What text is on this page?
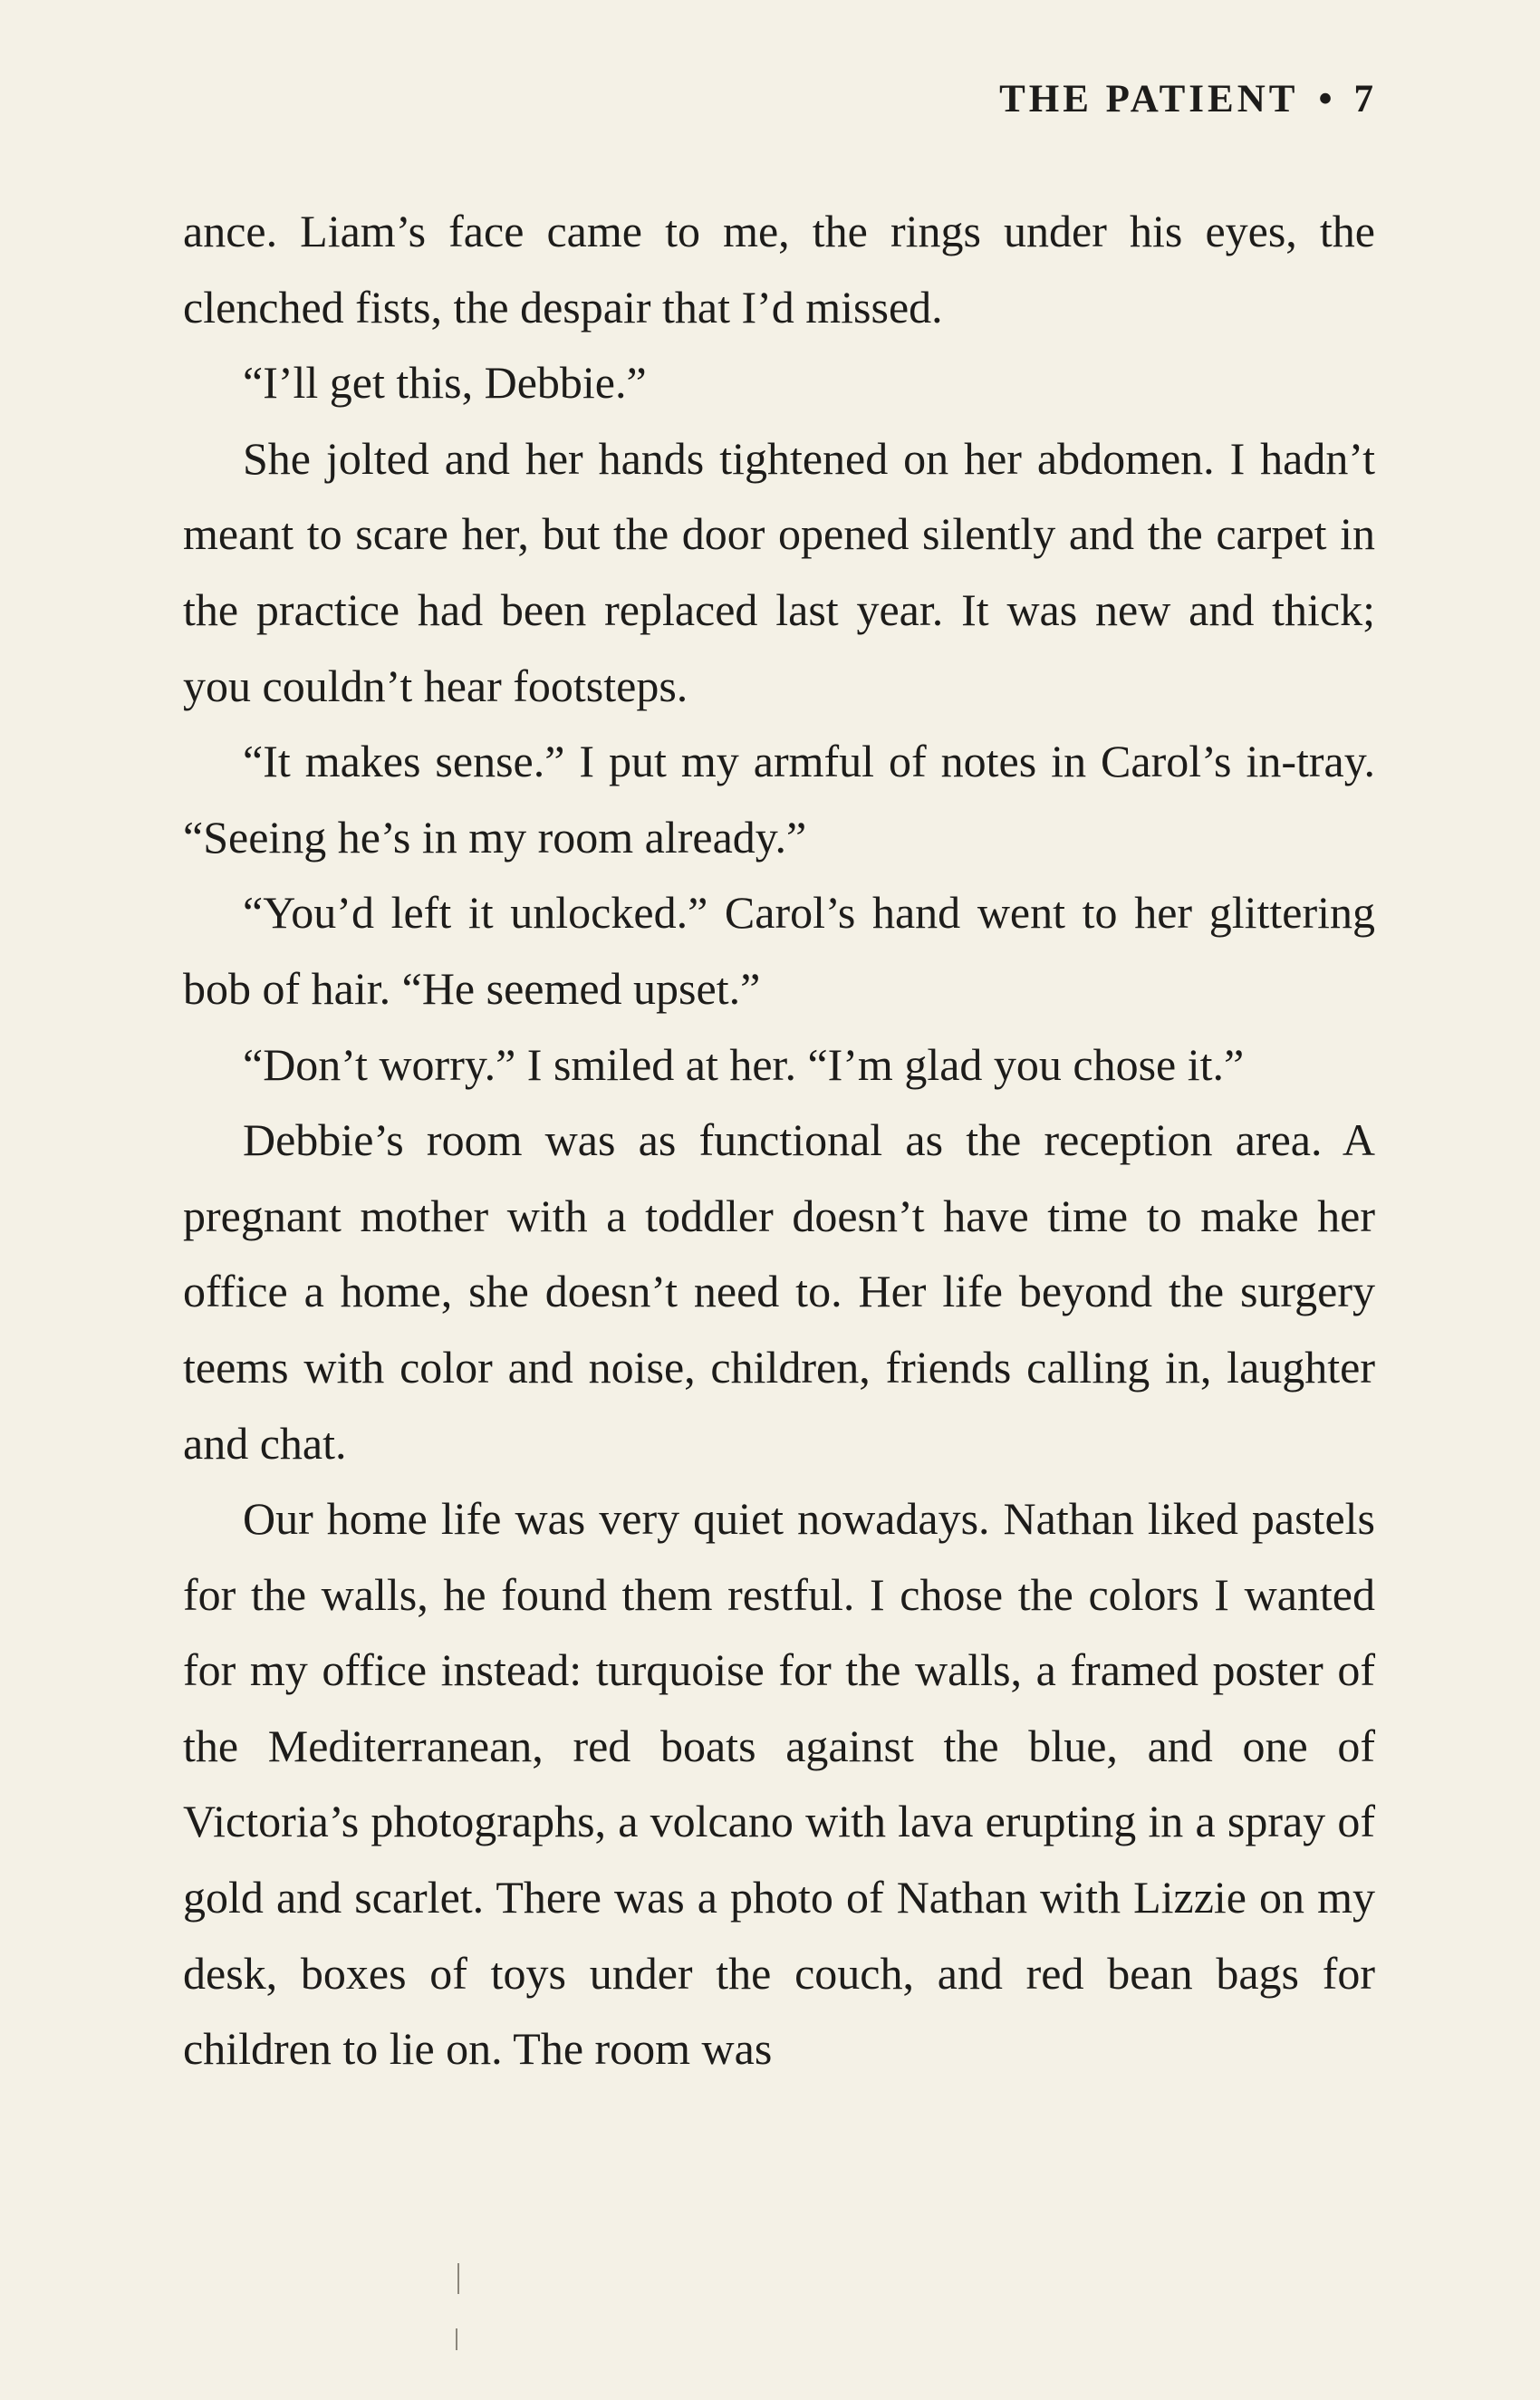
THE PATIENT • 7

ance. Liam’s face came to me, the rings under his eyes, the clenched fists, the despair that I’d missed.

“I’ll get this, Debbie.”

She jolted and her hands tightened on her abdomen. I hadn’t meant to scare her, but the door opened silently and the carpet in the practice had been replaced last year. It was new and thick; you couldn’t hear footsteps.

“It makes sense.” I put my armful of notes in Carol’s in-tray. “Seeing he’s in my room already.”

“You’d left it unlocked.” Carol’s hand went to her glittering bob of hair. “He seemed upset.”

“Don’t worry.” I smiled at her. “I’m glad you chose it.”

Debbie’s room was as functional as the reception area. A pregnant mother with a toddler doesn’t have time to make her office a home, she doesn’t need to. Her life beyond the surgery teems with color and noise, children, friends calling in, laughter and chat.

Our home life was very quiet nowadays. Nathan liked pastels for the walls, he found them restful. I chose the colors I wanted for my office instead: turquoise for the walls, a framed poster of the Mediterranean, red boats against the blue, and one of Victoria’s photographs, a volcano with lava erupting in a spray of gold and scarlet. There was a photo of Nathan with Lizzie on my desk, boxes of toys under the couch, and red bean bags for children to lie on. The room was
